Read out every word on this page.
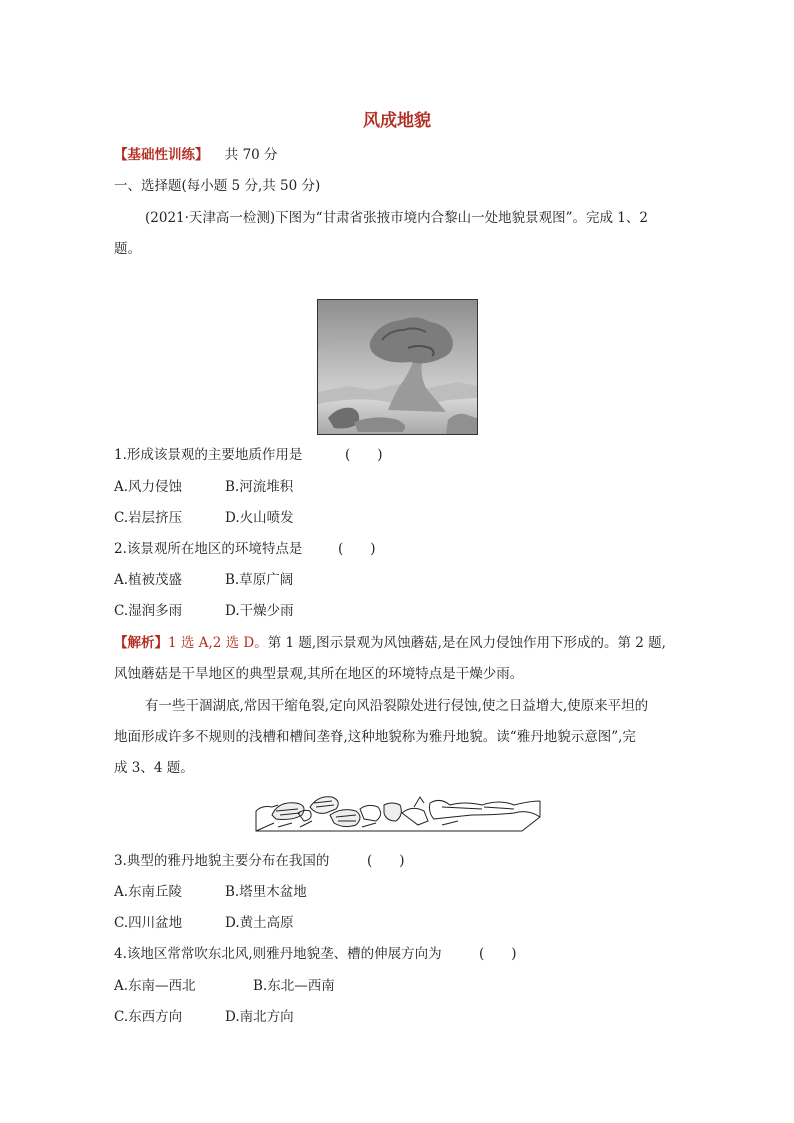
风成地貌
【基础性训练】 共 70 分
一、选择题(每小题 5 分,共 50 分)
(2021·天津高一检测)下图为“甘肃省张掖市境内合黎山一处地貌景观图”。完成 1、2
题。
1.形成该景观的主要地质作用是	(　　)
A.风力侵蚀	B.河流堆积
C.岩层挤压	D.火山喷发
2.该景观所在地区的环境特点是	(　　)
A.植被茂盛	B.草原广阔
C.湿润多雨	D.干燥少雨
【解析】1 选 A,2 选 D。第 1 题,图示景观为风蚀蘑菇,是在风力侵蚀作用下形成的。第 2 题,
风蚀蘑菇是干旱地区的典型景观,其所在地区的环境特点是干燥少雨。
有一些干涸湖底,常因干缩龟裂,定向风沿裂隙处进行侵蚀,使之日益增大,使原来平坦的
地面形成许多不规则的浅槽和槽间垄脊,这种地貌称为雅丹地貌。读“雅丹地貌示意图”,完
成 3、4 题。
3.典型的雅丹地貌主要分布在我国的	(　　)
A.东南丘陵	B.塔里木盆地
C.四川盆地	D.黄土高原
4.该地区常常吹东北风,则雅丹地貌垄、槽的伸展方向为	(　　)
A.东南—西北	B.东北—西南
C.东西方向	D.南北方向
